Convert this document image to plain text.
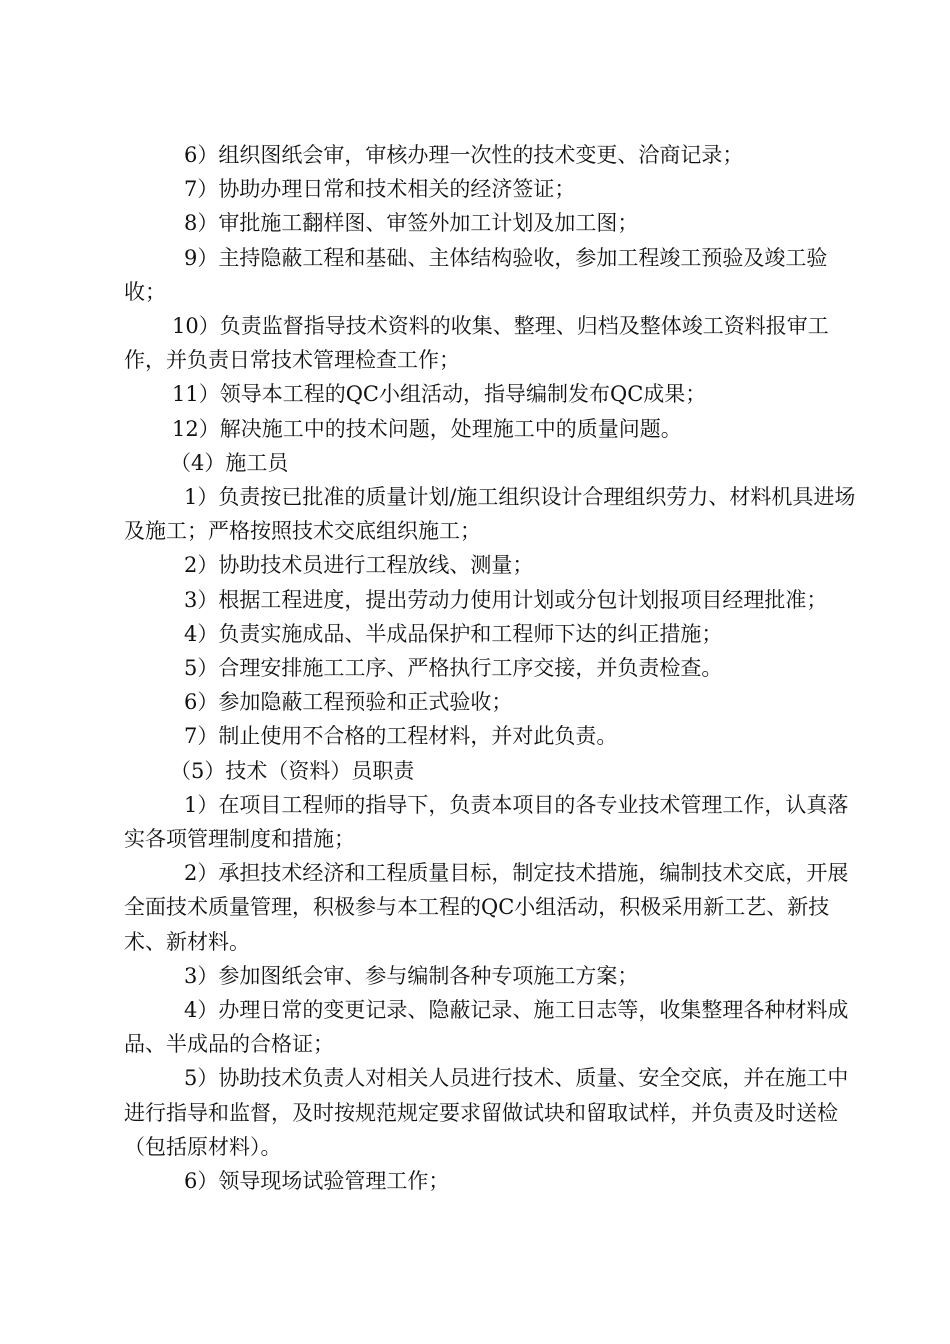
6）组织图纸会审，审核办理一次性的技术变更、洽商记录；

7）协助办理日常和技术相关的经济签证；

8）审批施工翻样图、审签外加工计划及加工图；

9）主持隐蔽工程和基础、主体结构验收，参加工程竣工预验及竣工验收；

10）负责监督指导技术资料的收集、整理、归档及整体竣工资料报审工作，并负责日常技术管理检查工作；

11）领导本工程的QC小组活动，指导编制发布QC成果；

12）解决施工中的技术问题，处理施工中的质量问题。

（4）施工员

1）负责按已批准的质量计划/施工组织设计合理组织劳力、材料机具进场及施工；严格按照技术交底组织施工；

2）协助技术员进行工程放线、测量；

3）根据工程进度，提出劳动力使用计划或分包计划报项目经理批准；

4）负责实施成品、半成品保护和工程师下达的纠正措施；

5）合理安排施工工序、严格执行工序交接，并负责检查。

6）参加隐蔽工程预验和正式验收；

7）制止使用不合格的工程材料，并对此负责。

（5）技术（资料）员职责

1）在项目工程师的指导下，负责本项目的各专业技术管理工作，认真落实各项管理制度和措施；

2）承担技术经济和工程质量目标，制定技术措施，编制技术交底，开展全面技术质量管理，积极参与本工程的QC小组活动，积极采用新工艺、新技术、新材料。

3）参加图纸会审、参与编制各种专项施工方案；

4）办理日常的变更记录、隐蔽记录、施工日志等，收集整理各种材料成品、半成品的合格证；

5）协助技术负责人对相关人员进行技术、质量、安全交底，并在施工中进行指导和监督，及时按规范规定要求留做试块和留取试样，并负责及时送检（包括原材料）。

6）领导现场试验管理工作；
